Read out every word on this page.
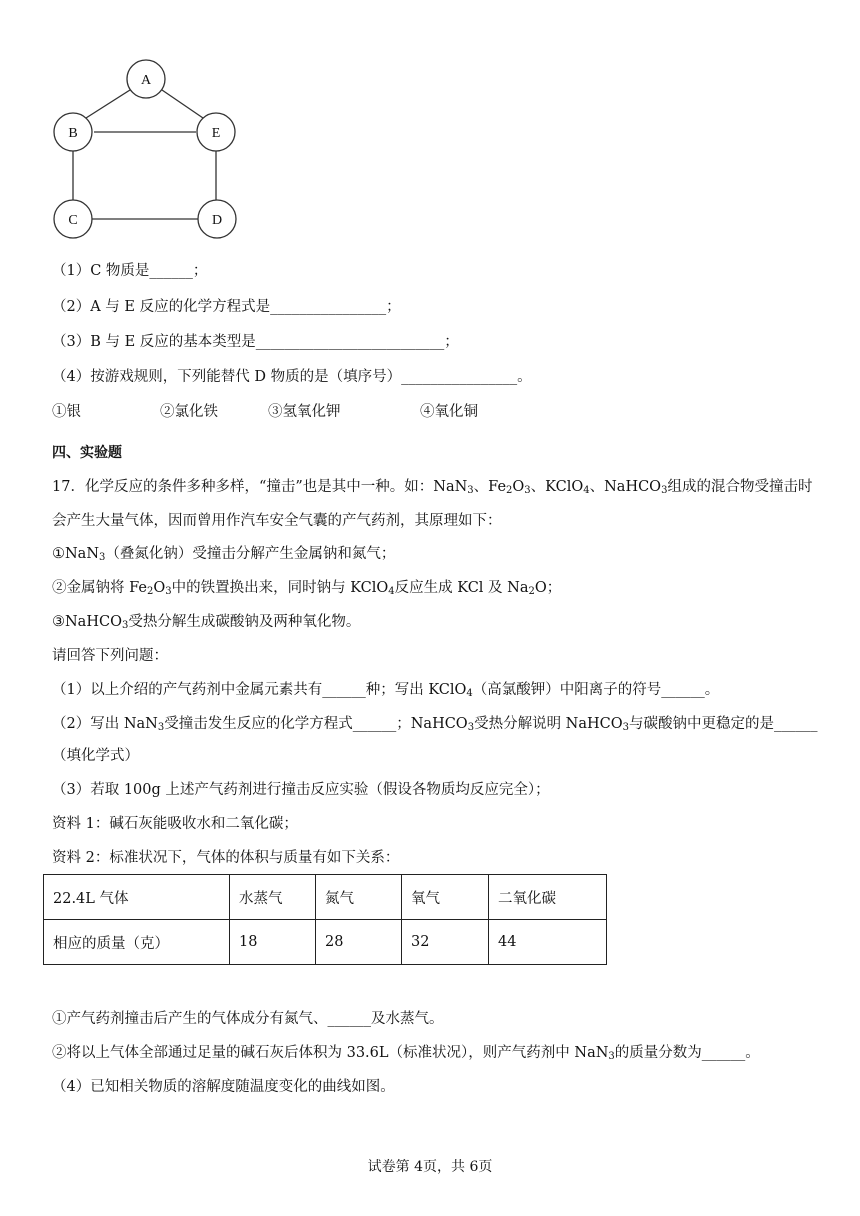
A
B	E
C	D
（1）C 物质是______；
（2）A 与 E 反应的化学方程式是________________；
（3）B 与 E 反应的基本类型是__________________________；
（4）按游戏规则，下列能替代 D 物质的是（填序号）________________。
①银	②氯化铁	③氢氧化钾	④氧化铜
四、实验题
17．化学反应的条件多种多样，“撞击”也是其中一种。如：NaN$_3$、$Fe_2O_3$、KClO$_4$、NaHCO$_3$组成的混合物受撞击时
会产生大量气体，因而曾用作汽车安全气囊的产气药剂，其原理如下：
①NaN$_3$（叠氮化钠）受撞击分解产生金属钠和氮气；
②金属钠将 $Fe_2O_3$中的铁置换出来，同时钠与 KClO$_4$反应生成 KCl 及 $Na_2O$；
③NaHCO$_3$受热分解生成碳酸钠及两种氧化物。
请回答下列问题：
（1）以上介绍的产气药剂中金属元素共有______种；写出 KClO$_4$（高氯酸钾）中阳离子的符号______。
（2）写出 NaN$_3$受撞击发生反应的化学方程式______；NaHCO$_3$受热分解说明 NaHCO$_3$与碳酸钠中更稳定的是______
（填化学式）
（3）若取 100g 上述产气药剂进行撞击反应实验（假设各物质均反应完全）；
资料 1：碱石灰能吸收水和二氧化碳；
资料 2：标准状况下，气体的体积与质量有如下关系：
22.4L 气体	水蒸气	氮气	氧气	二氧化碳
相应的质量（克）	18	28	32	44
①产气药剂撞击后产生的气体成分有氮气、______及水蒸气。
②将以上气体全部通过足量的碱石灰后体积为 33.6L（标准状况），则产气药剂中 NaN$_3$的质量分数为______。
（4）已知相关物质的溶解度随温度变化的曲线如图。
试卷第 4页，共 6页
